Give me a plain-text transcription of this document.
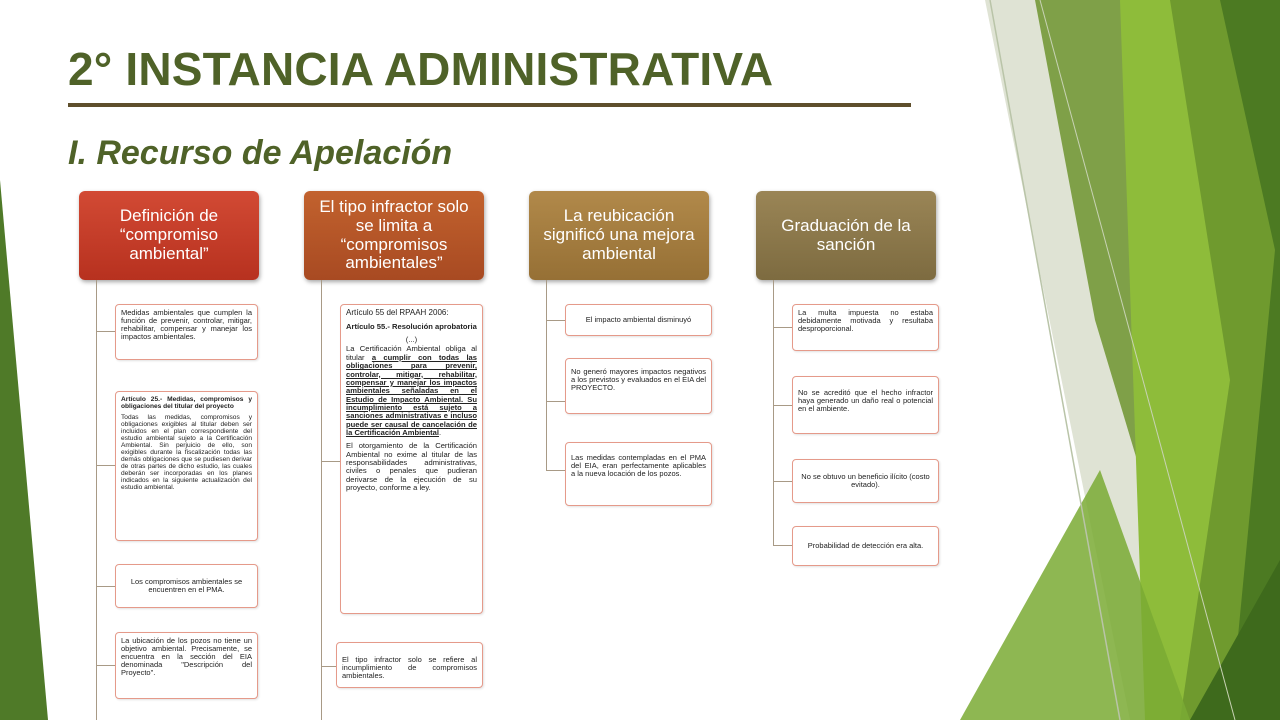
2° INSTANCIA ADMINISTRATIVA
I. Recurso de Apelación
Definición de “compromiso ambiental”
Medidas ambientales que cumplen la función de prevenir, controlar, mitigar, rehabilitar, compensar y manejar los impactos ambientales.

Artículo 25.- Medidas, compromisos y obligaciones del titular del proyecto

Todas las medidas, compromisos y obligaciones exigibles al titular deben ser incluidos en el plan correspondiente del estudio ambiental sujeto a la Certificación Ambiental. Sin perjuicio de ello, son exigibles durante la fiscalización todas las demás obligaciones que se pudiesen derivar de otras partes de dicho estudio, las cuales deberán ser incorporadas en los planes indicados en la siguiente actualización del estudio ambiental.
Los compromisos ambientales se encuentren en el PMA.
La ubicación de los pozos no tiene un objetivo ambiental. Precisamente, se encuentra en la sección del EIA denominada "Descripción del Proyecto".
El tipo infractor solo se limita a “compromisos ambientales”

Artículo 55 del RPAAH 2006:

Artículo 55.- Resolución aprobatoria

(...)

La Certificación Ambiental obliga al titular a cumplir con todas las obligaciones para prevenir, controlar, mitigar, rehabilitar, compensar y manejar los impactos ambientales señaladas en el Estudio de Impacto Ambiental. Su incumplimiento está sujeto a sanciones administrativas e incluso puede ser causal de cancelación de la Certificación Ambiental.

El otorgamiento de la Certificación Ambiental no exime al titular de las responsabilidades administrativas, civiles o penales que pudieran derivarse de la ejecución de su proyecto, conforme a ley.

El tipo infractor solo se refiere al incumplimiento de compromisos ambientales.
La reubicación significó una mejora ambiental
El impacto ambiental disminuyó
No generó mayores impactos negativos a los previstos y evaluados en el EIA del PROYECTO.
Las medidas contempladas en el PMA del EIA, eran perfectamente aplicables a la nueva locación de los pozos.
Graduación de la sanción
La multa impuesta no estaba debidamente motivada y resultaba desproporcional.
No se acreditó que el hecho infractor haya generado un daño real o potencial en el ambiente.
No se obtuvo un beneficio ilícito (costo evitado).
Probabilidad de detección era alta.
